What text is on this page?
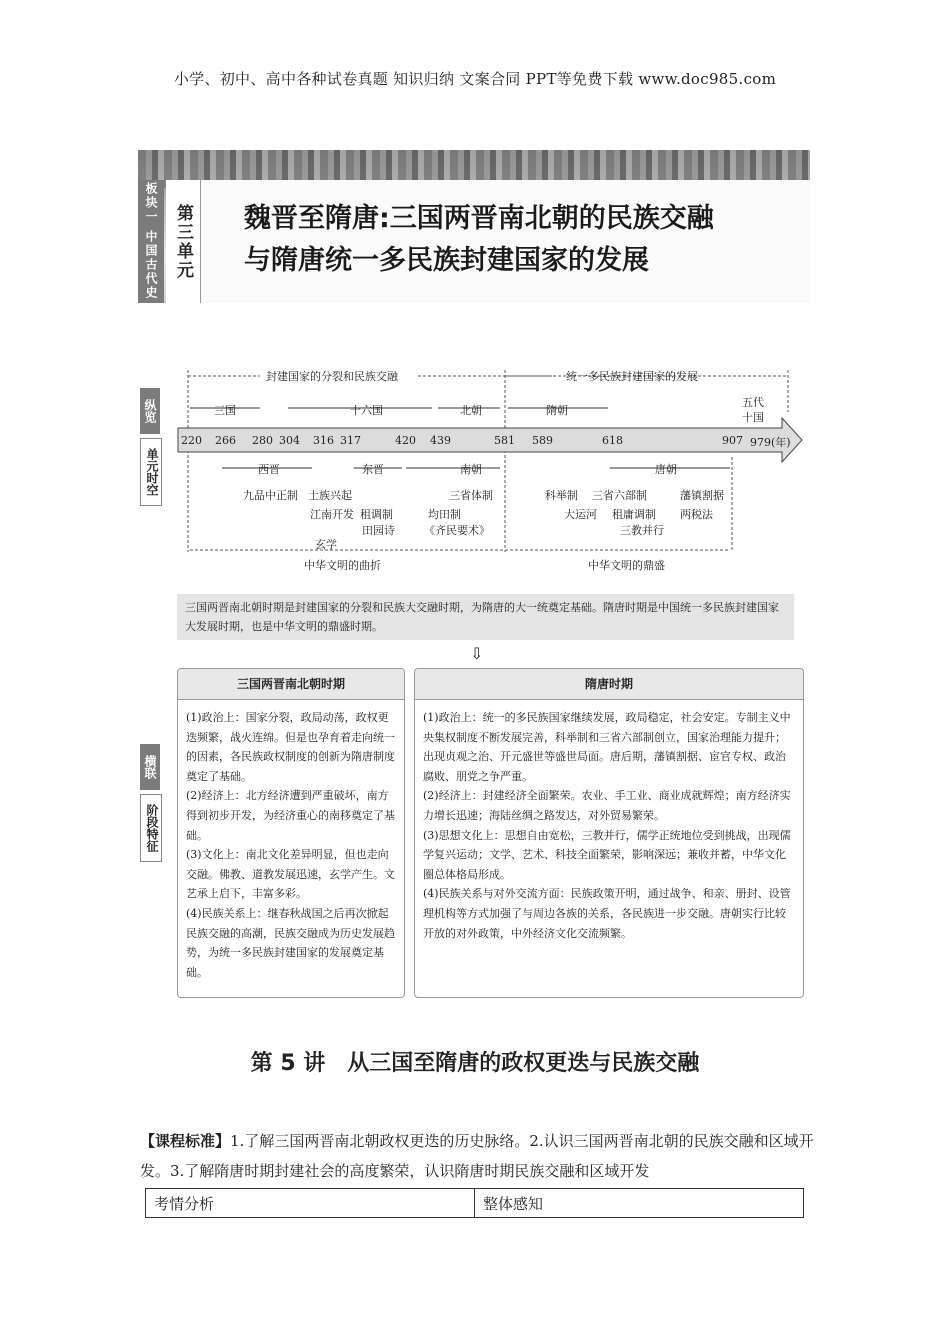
小学、初中、高中各种试卷真题 知识归纳 文案合同 PPT等免费下载 www.doc985.com
板块一 中国古代史 第三单元 魏晋至隋唐:三国两晋南北朝的民族交融
与隋唐统一多民族封建国家的发展
纵览
单元时空
横联
阶段特征
封建国家的分裂和民族交融	统一多民族封建国家的发展
三国	十六国	北朝	隋朝
五代
十国
220 266 280 304 316 317	420 439	581 589	618	907 979(年)
西晋	东晋	南朝	唐朝
九品中正制 士族兴起
江南开发 租调制
田园诗
玄学
三省体制
均田制
《齐民要术》
科举制 三省六部制
大运河 租庸调制
三教并行
藩镇割据
两税法
中华文明的曲折	中华文明的鼎盛
三国两晋南北朝时期是封建国家的分裂和民族大交融时期，为隋唐的大一统奠定基础。隋唐时期是中国统一多民族封建国家大发展时期，也是中华文明的鼎盛时期。
⇩
三国两晋南北朝时期
(1)政治上：国家分裂，政局动荡，政权更迭频繁，战火连绵。但是也孕育着走向统一的因素，各民族政权制度的创新为隋唐制度奠定了基础。
(2)经济上：北方经济遭到严重破坏，南方得到初步开发，为经济重心的南移奠定了基础。
(3)文化上：南北文化差异明显，但也走向交融。佛教、道教发展迅速，玄学产生。文艺承上启下，丰富多彩。
(4)民族关系上：继春秋战国之后再次掀起民族交融的高潮，民族交融成为历史发展趋势，为统一多民族封建国家的发展奠定基础。
隋唐时期
(1)政治上：统一的多民族国家继续发展，政局稳定，社会安定。专制主义中央集权制度不断发展完善，科举制和三省六部制创立，国家治理能力提升；出现贞观之治、开元盛世等盛世局面。唐后期，藩镇割据、宦官专权、政治腐败、朋党之争严重。
(2)经济上：封建经济全面繁荣。农业、手工业、商业成就辉煌；南方经济实力增长迅速；海陆丝绸之路发达，对外贸易繁荣。
(3)思想文化上：思想自由宽松，三教并行，儒学正统地位受到挑战，出现儒学复兴运动；文学、艺术、科技全面繁荣，影响深远；兼收并蓄，中华文化圈总体格局形成。
(4)民族关系与对外交流方面：民族政策开明，通过战争、和亲、册封、设管理机构等方式加强了与周边各族的关系，各民族进一步交融。唐朝实行比较开放的对外政策，中外经济文化交流频繁。
第 5 讲　从三国至隋唐的政权更迭与民族交融
【课程标准】1.了解三国两晋南北朝政权更迭的历史脉络。2.认识三国两晋南北朝的民族交融和区域开发。3.了解隋唐时期封建社会的高度繁荣，认识隋唐时期民族交融和区域开发
考情分析	整体感知
